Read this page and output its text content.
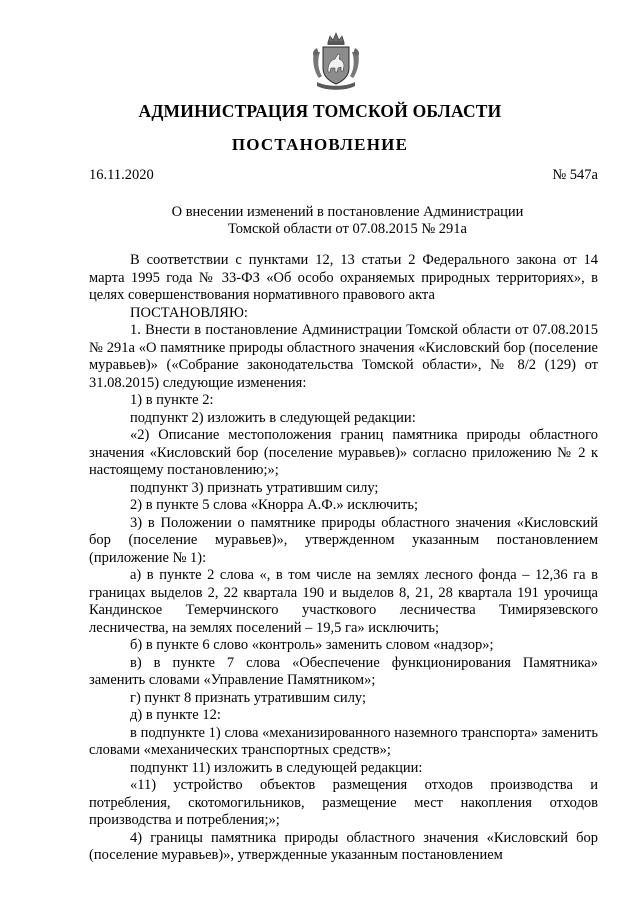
АДМИНИСТРАЦИЯ ТОМСКОЙ ОБЛАСТИ
ПОСТАНОВЛЕНИЕ
16.11.2020	№ 547а
О внесении изменений в постановление Администрации
Томской области от 07.08.2015 № 291а

В соответствии с пунктами 12, 13 статьи 2 Федерального закона от 14 марта 1995 года № 33-ФЗ «Об особо охраняемых природных территориях», в целях совершенствования нормативного правового акта

ПОСТАНОВЛЯЮ:

1. Внести в постановление Администрации Томской области от 07.08.2015 № 291а «О памятнике природы областного значения «Кисловский бор (поселение муравьев)» («Собрание законодательства Томской области», № 8/2 (129) от 31.08.2015) следующие изменения:

1) в пункте 2:

подпункт 2) изложить в следующей редакции:

«2) Описание местоположения границ памятника природы областного значения «Кисловский бор (поселение муравьев)» согласно приложению № 2 к настоящему постановлению;»;

подпункт 3) признать утратившим силу;

2) в пункте 5 слова «Кнорра А.Ф.» исключить;

3) в Положении о памятнике природы областного значения «Кисловский бор (поселение муравьев)», утвержденном указанным постановлением (приложение № 1):

а) в пункте 2 слова «, в том числе на землях лесного фонда – 12,36 га в границах выделов 2, 22 квартала 190 и выделов 8, 21, 28 квартала 191 урочища Кандинское Темерчинского участкового лесничества Тимирязевского лесничества, на землях поселений – 19,5 га» исключить;

б) в пункте 6 слово «контроль» заменить словом «надзор»;

в) в пункте 7 слова «Обеспечение функционирования Памятника» заменить словами «Управление Памятником»;

г) пункт 8 признать утратившим силу;

д) в пункте 12:

в подпункте 1) слова «механизированного наземного транспорта» заменить словами «механических транспортных средств»;

подпункт 11) изложить в следующей редакции:

«11) устройство объектов размещения отходов производства и потребления, скотомогильников, размещение мест накопления отходов производства и потребления;»;

4) границы памятника природы областного значения «Кисловский бор (поселение муравьев)», утвержденные указанным постановлением
